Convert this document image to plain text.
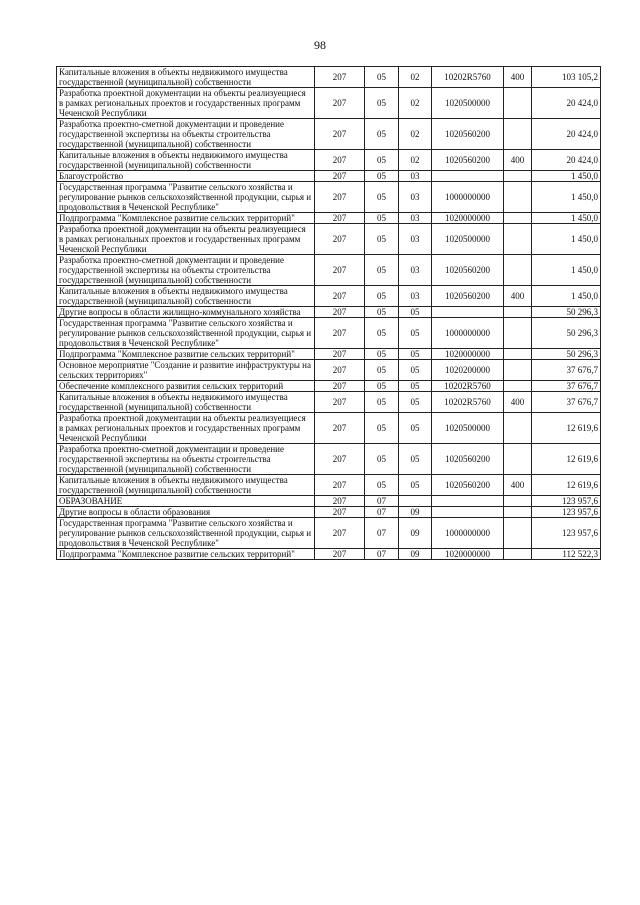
98
Капитальные вложения в объекты недвижимого имущества государственной (муниципальной) собственности	207	05	02	10202R5760	400	103 105,2
Разработка проектной документации на объекты реализуещиеся в рамках региональных проектов и государственных программ Чеченской Республики	207	05	02	1020500000		20 424,0
Разработка проектно-сметной документации и проведение государственной экспертизы на объекты строительства государственной (муниципальной) собственности	207	05	02	1020560200		20 424,0
Капитальные вложения в объекты недвижимого имущества государственной (муниципальной) собственности	207	05	02	1020560200	400	20 424,0
Благоустройство	207	05	03			1 450,0
Государственная программа "Развитие сельского хозяйства и регулирование рынков сельскохозяйственной продукции, сырья и продовольствия в Чеченской Республике"	207	05	03	1000000000		1 450,0
Подпрограмма "Комплексное развитие сельских территорий"	207	05	03	1020000000		1 450,0
Разработка проектной документации на объекты реализуещиеся в рамках региональных проектов и государственных программ Чеченской Республики	207	05	03	1020500000		1 450,0
Разработка проектно-сметной документации и проведение государственной экспертизы на объекты строительства государственной (муниципальной) собственности	207	05	03	1020560200		1 450,0
Капитальные вложения в объекты недвижимого имущества государственной (муниципальной) собственности	207	05	03	1020560200	400	1 450,0
Другие вопросы в области жилищно-коммунального хозяйства	207	05	05			50 296,3
Государственная программа "Развитие сельского хозяйства и регулирование рынков сельскохозяйственной продукции, сырья и продовольствия в Чеченской Республике"	207	05	05	1000000000		50 296,3
Подпрограмма "Комплексное развитие сельских территорий"	207	05	05	1020000000		50 296,3
Основное мероприятие "Создание и развитие инфраструктуры на сельских территориях"	207	05	05	1020200000		37 676,7
Обеспечение комплексного развития сельских территорий	207	05	05	10202R5760		37 676,7
Капитальные вложения в объекты недвижимого имущества государственной (муниципальной) собственности	207	05	05	10202R5760	400	37 676,7
Разработка проектной документации на объекты реализуещиеся в рамках региональных проектов и государственных программ Чеченской Республики	207	05	05	1020500000		12 619,6
Разработка проектно-сметной документации и проведение государственной экспертизы на объекты строительства государственной (муниципальной) собственности	207	05	05	1020560200		12 619,6
Капитальные вложения в объекты недвижимого имущества государственной (муниципальной) собственности	207	05	05	1020560200	400	12 619,6
ОБРАЗОВАНИЕ	207	07				123 957,6
Другие вопросы в области образования	207	07	09			123 957,6
Государственная программа "Развитие сельского хозяйства и регулирование рынков сельскохозяйственной продукции, сырья и продовольствия в Чеченской Республике"	207	07	09	1000000000		123 957,6
Подпрограмма "Комплексное развитие сельских территорий"	207	07	09	1020000000		112 522,3
